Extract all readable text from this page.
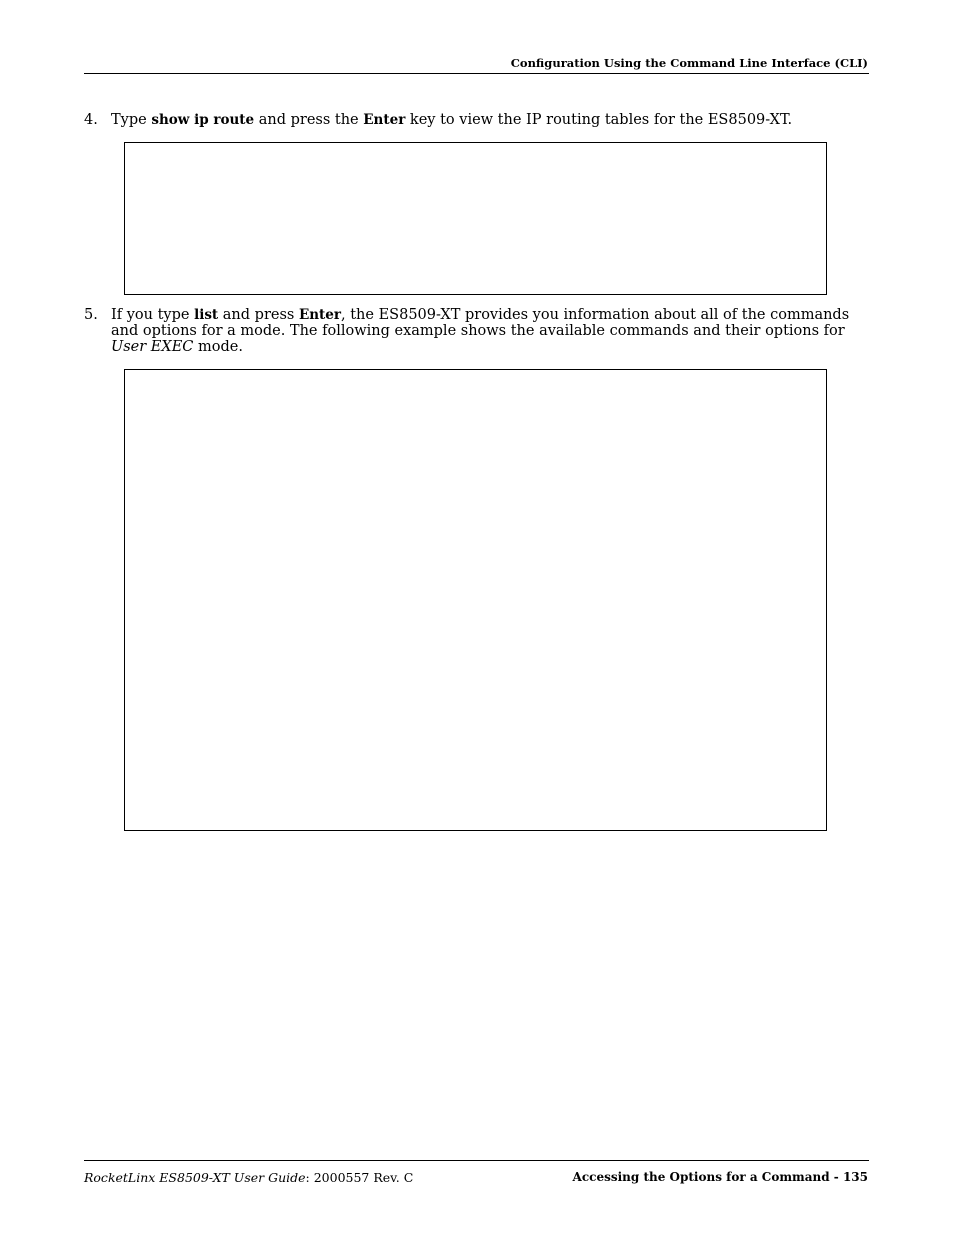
Configuration Using the Command Line Interface (CLI)
4. Type show ip route and press the Enter key to view the IP routing tables for the ES8509-XT.
5. If you type list and press Enter, the ES8509-XT provides you information about all of the commands and options for a mode. The following example shows the available commands and their options for User EXEC mode.
RocketLinx ES8509-XT User Guide: 2000557 Rev. C	Accessing the Options for a Command - 135
